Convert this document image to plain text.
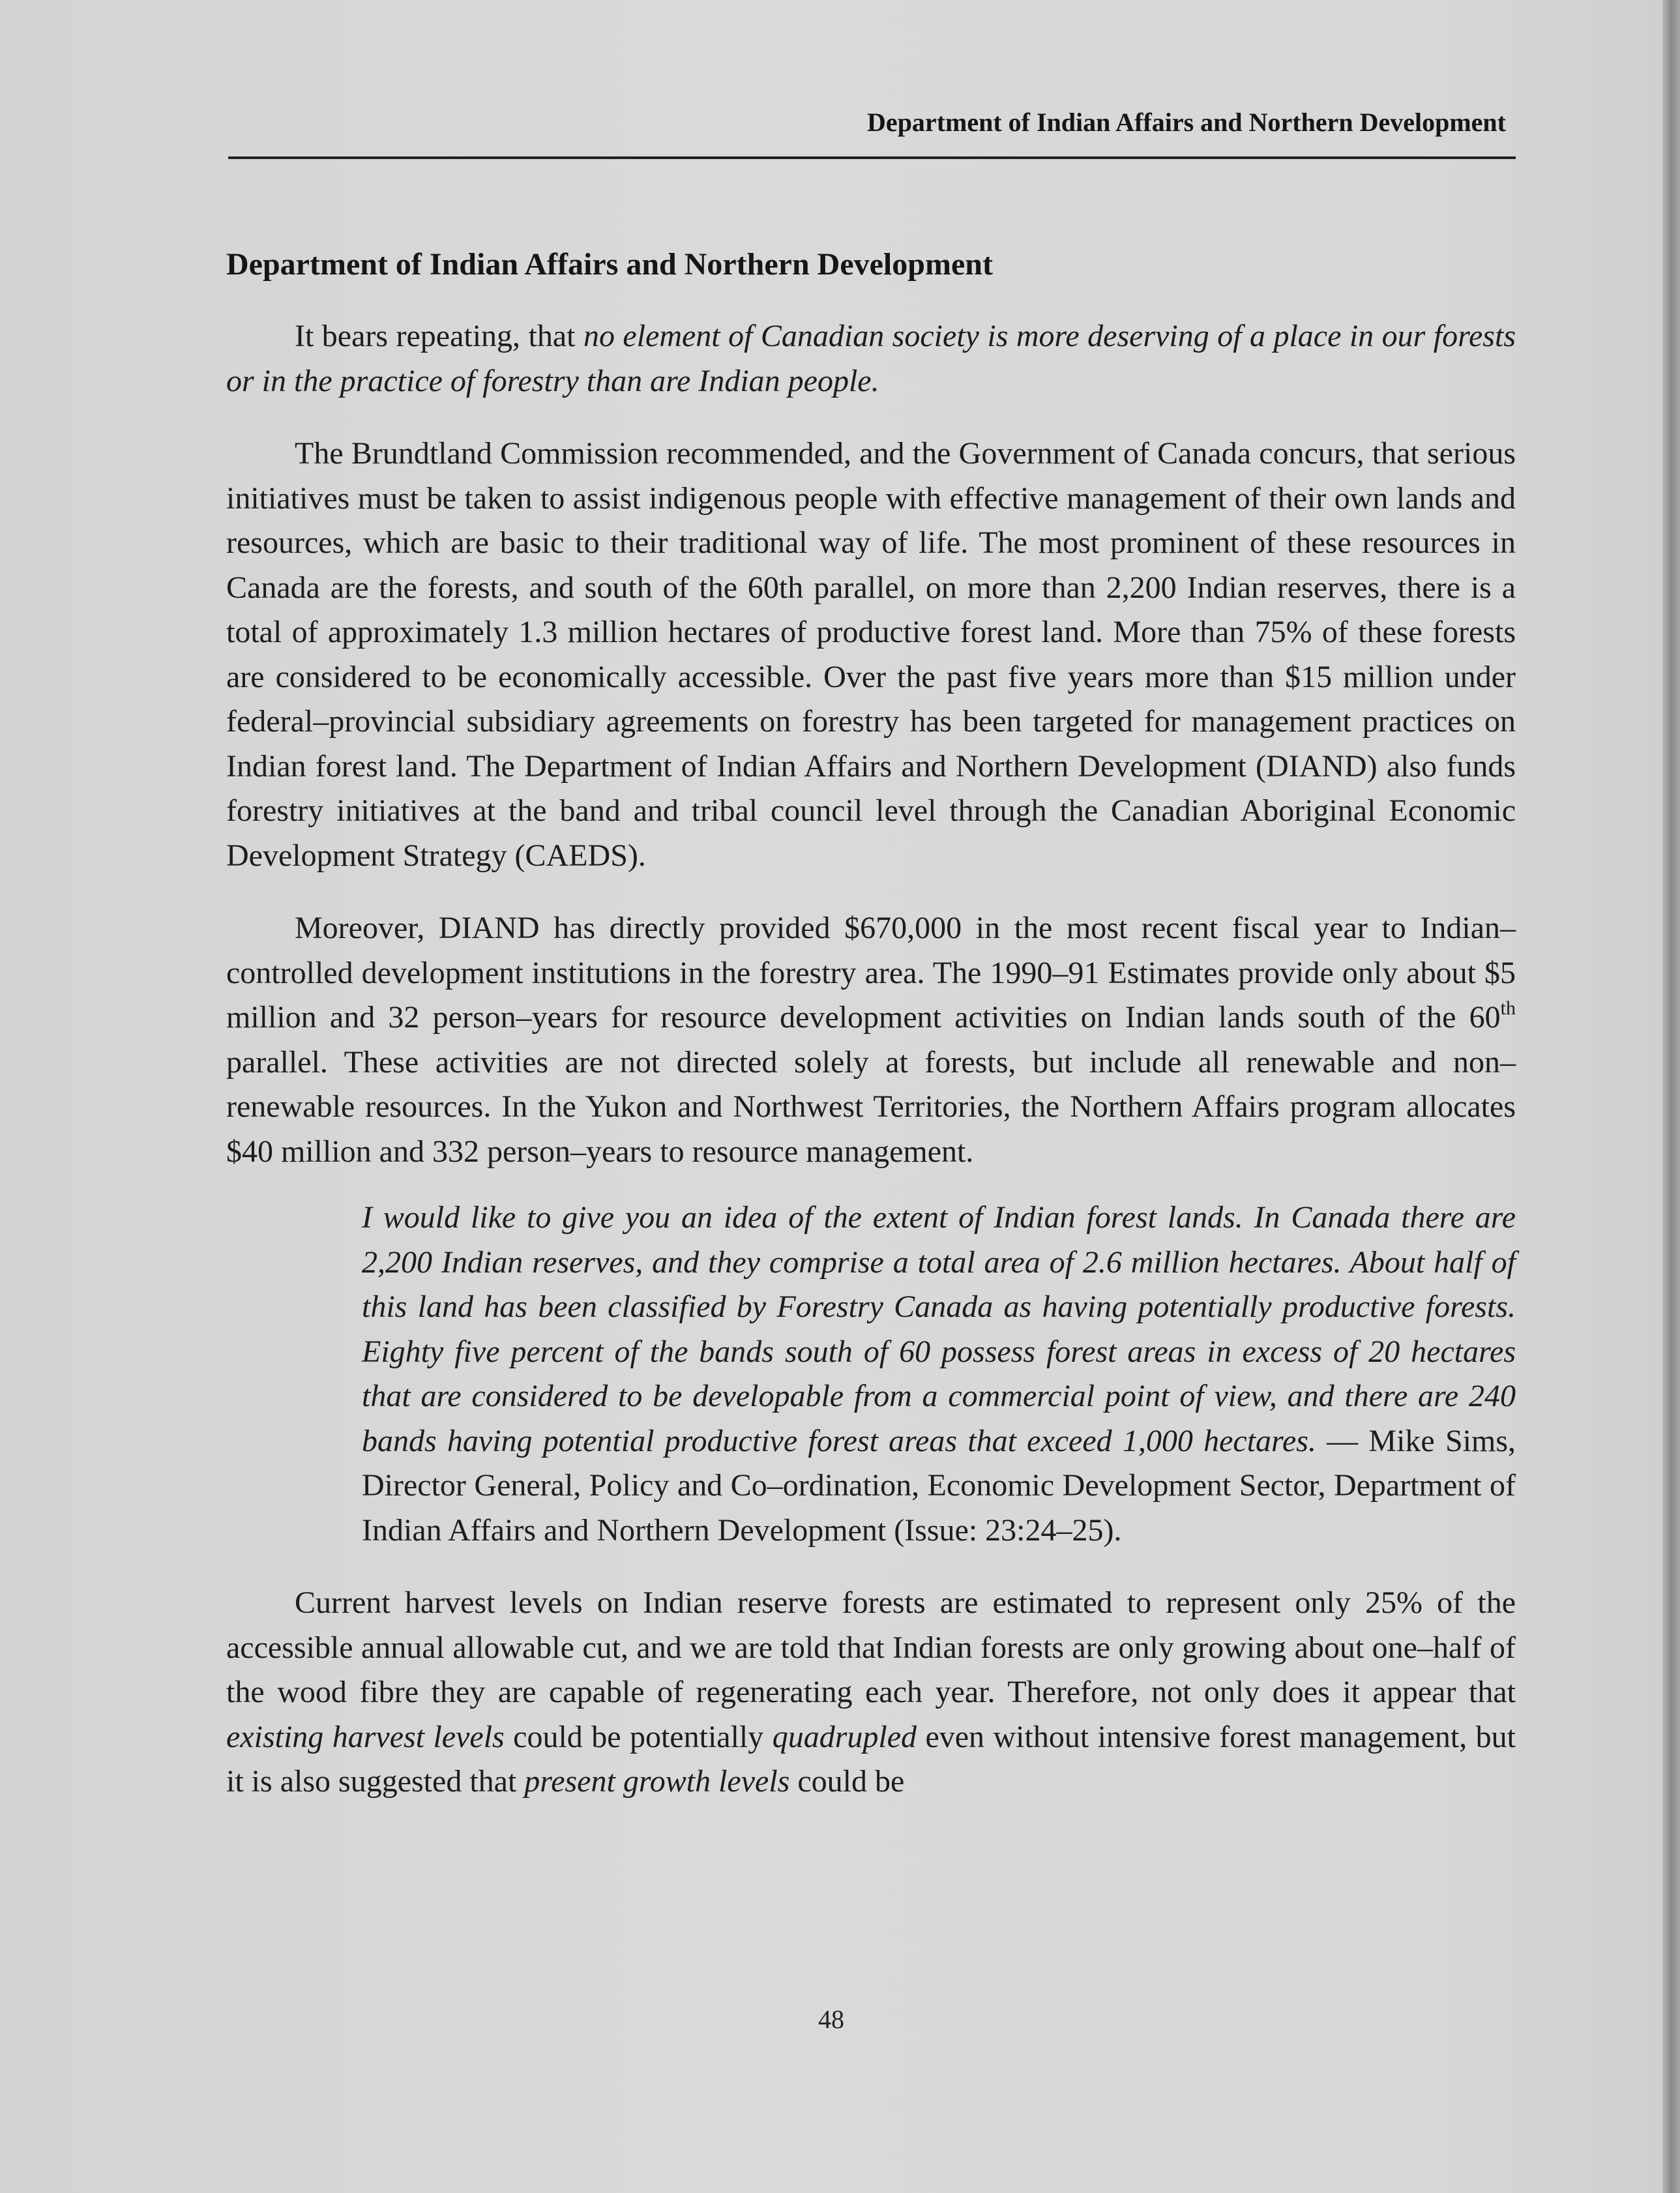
Department of Indian Affairs and Northern Development
Department of Indian Affairs and Northern Development

It bears repeating, that no element of Canadian society is more deserving of a place in our forests or in the practice of forestry than are Indian people.

The Brundtland Commission recommended, and the Government of Canada concurs, that serious initiatives must be taken to assist indigenous people with effective management of their own lands and resources, which are basic to their traditional way of life. The most prominent of these resources in Canada are the forests, and south of the 60th parallel, on more than 2,200 Indian reserves, there is a total of approximately 1.3 million hectares of productive forest land. More than 75% of these forests are considered to be economically accessible. Over the past five years more than $15 million under federal–provincial subsidiary agreements on forestry has been targeted for management practices on Indian forest land. The Department of Indian Affairs and Northern Development (DIAND) also funds forestry initiatives at the band and tribal council level through the Canadian Aboriginal Economic Development Strategy (CAEDS).

Moreover, DIAND has directly provided $670,000 in the most recent fiscal year to Indian–controlled development institutions in the forestry area. The 1990–91 Estimates provide only about $5 million and 32 person–years for resource development activities on Indian lands south of the 60th parallel. These activities are not directed solely at forests, but include all renewable and non–renewable resources. In the Yukon and Northwest Territories, the Northern Affairs program allocates $40 million and 332 person–years to resource management.

I would like to give you an idea of the extent of Indian forest lands. In Canada there are 2,200 Indian reserves, and they comprise a total area of 2.6 million hectares. About half of this land has been classified by Forestry Canada as having potentially productive forests. Eighty five percent of the bands south of 60 possess forest areas in excess of 20 hectares that are considered to be developable from a commercial point of view, and there are 240 bands having potential productive forest areas that exceed 1,000 hectares. — Mike Sims, Director General, Policy and Co–ordination, Economic Development Sector, Department of Indian Affairs and Northern Development (Issue: 23:24–25).

Current harvest levels on Indian reserve forests are estimated to represent only 25% of the accessible annual allowable cut, and we are told that Indian forests are only growing about one–half of the wood fibre they are capable of regenerating each year. Therefore, not only does it appear that existing harvest levels could be potentially quadrupled even without intensive forest management, but it is also suggested that present growth levels could be

48
